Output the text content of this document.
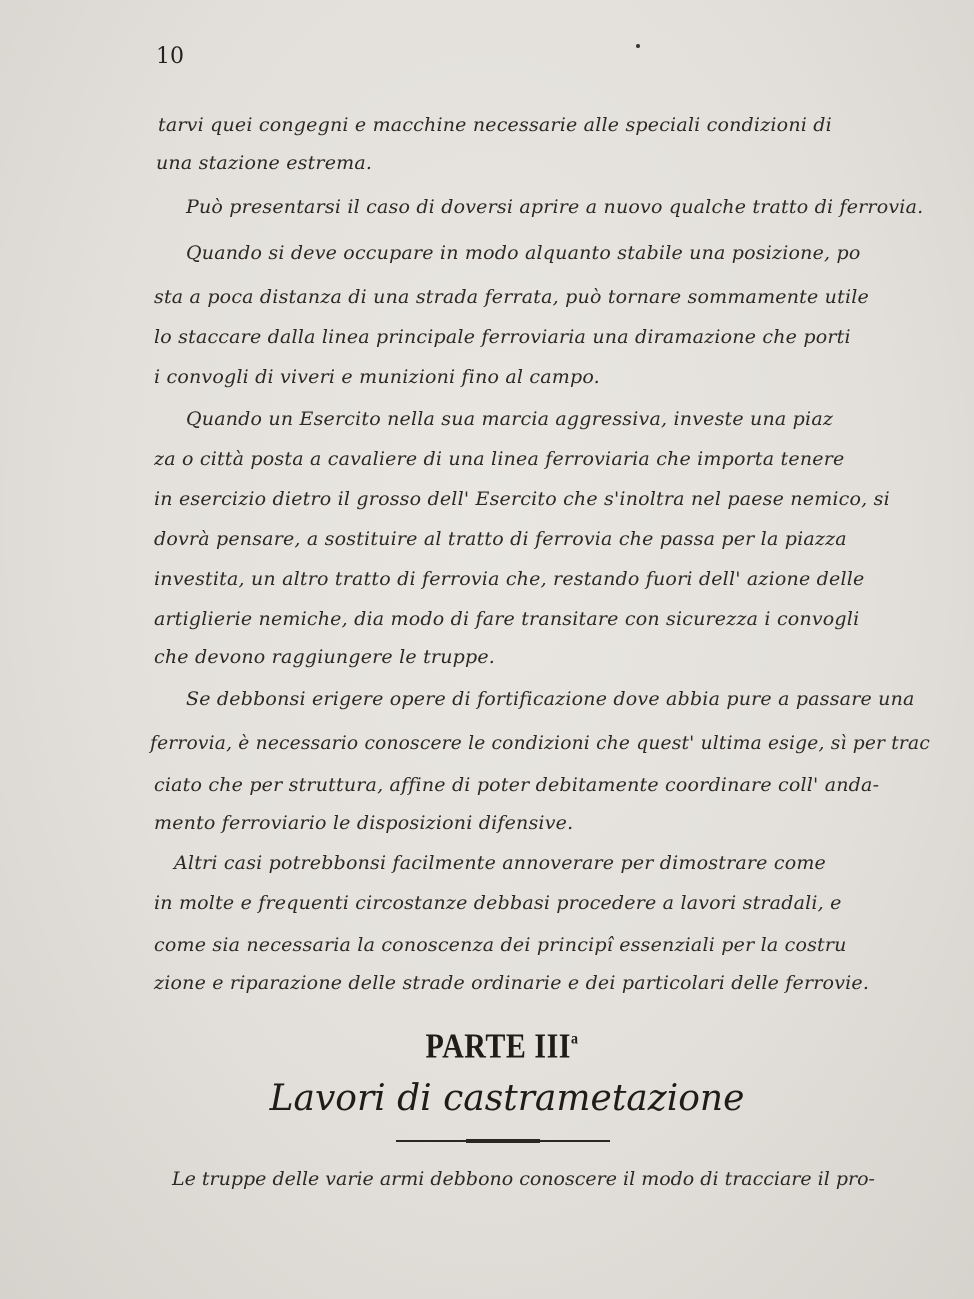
10
tarvi quei congegni e macchine necessarie alle speciali condizioni di
una stazione estrema.
Può presentarsi il caso di doversi aprire a nuovo qualche tratto di ferrovia.
Quando si deve occupare in modo alquanto stabile una posizione, po
sta a poca distanza di una strada ferrata, può tornare sommamente utile
lo staccare dalla linea principale ferroviaria una diramazione che porti
i convogli di viveri e munizioni fino al campo.
Quando un Esercito nella sua marcia aggressiva, investe una piaz
za o città posta a cavaliere di una linea ferroviaria che importa tenere
in esercizio dietro il grosso dell' Esercito che s'inoltra nel paese nemico, si
dovrà pensare, a sostituire al tratto di ferrovia che passa per la piazza
investita, un altro tratto di ferrovia che, restando fuori dell' azione delle
artiglierie nemiche, dia modo di fare transitare con sicurezza i convogli
che devono raggiungere le truppe.
Se debbonsi erigere opere di fortificazione dove abbia pure a passare una
ferrovia, è necessario conoscere le condizioni che quest' ultima esige, sì per trac
ciato che per struttura, affine di poter debitamente coordinare coll' anda-
mento ferroviario le disposizioni difensive.
Altri casi potrebbonsi facilmente annoverare per dimostrare come
in molte e frequenti circostanze debbasi procedere a lavori stradali, e
come sia necessaria la conoscenza dei principî essenziali per la costru
zione e riparazione delle strade ordinarie e dei particolari delle ferrovie.
PARTE III$^a$
Lavori di castrametazione
Le truppe delle varie armi debbono conoscere il modo di tracciare il pro-
